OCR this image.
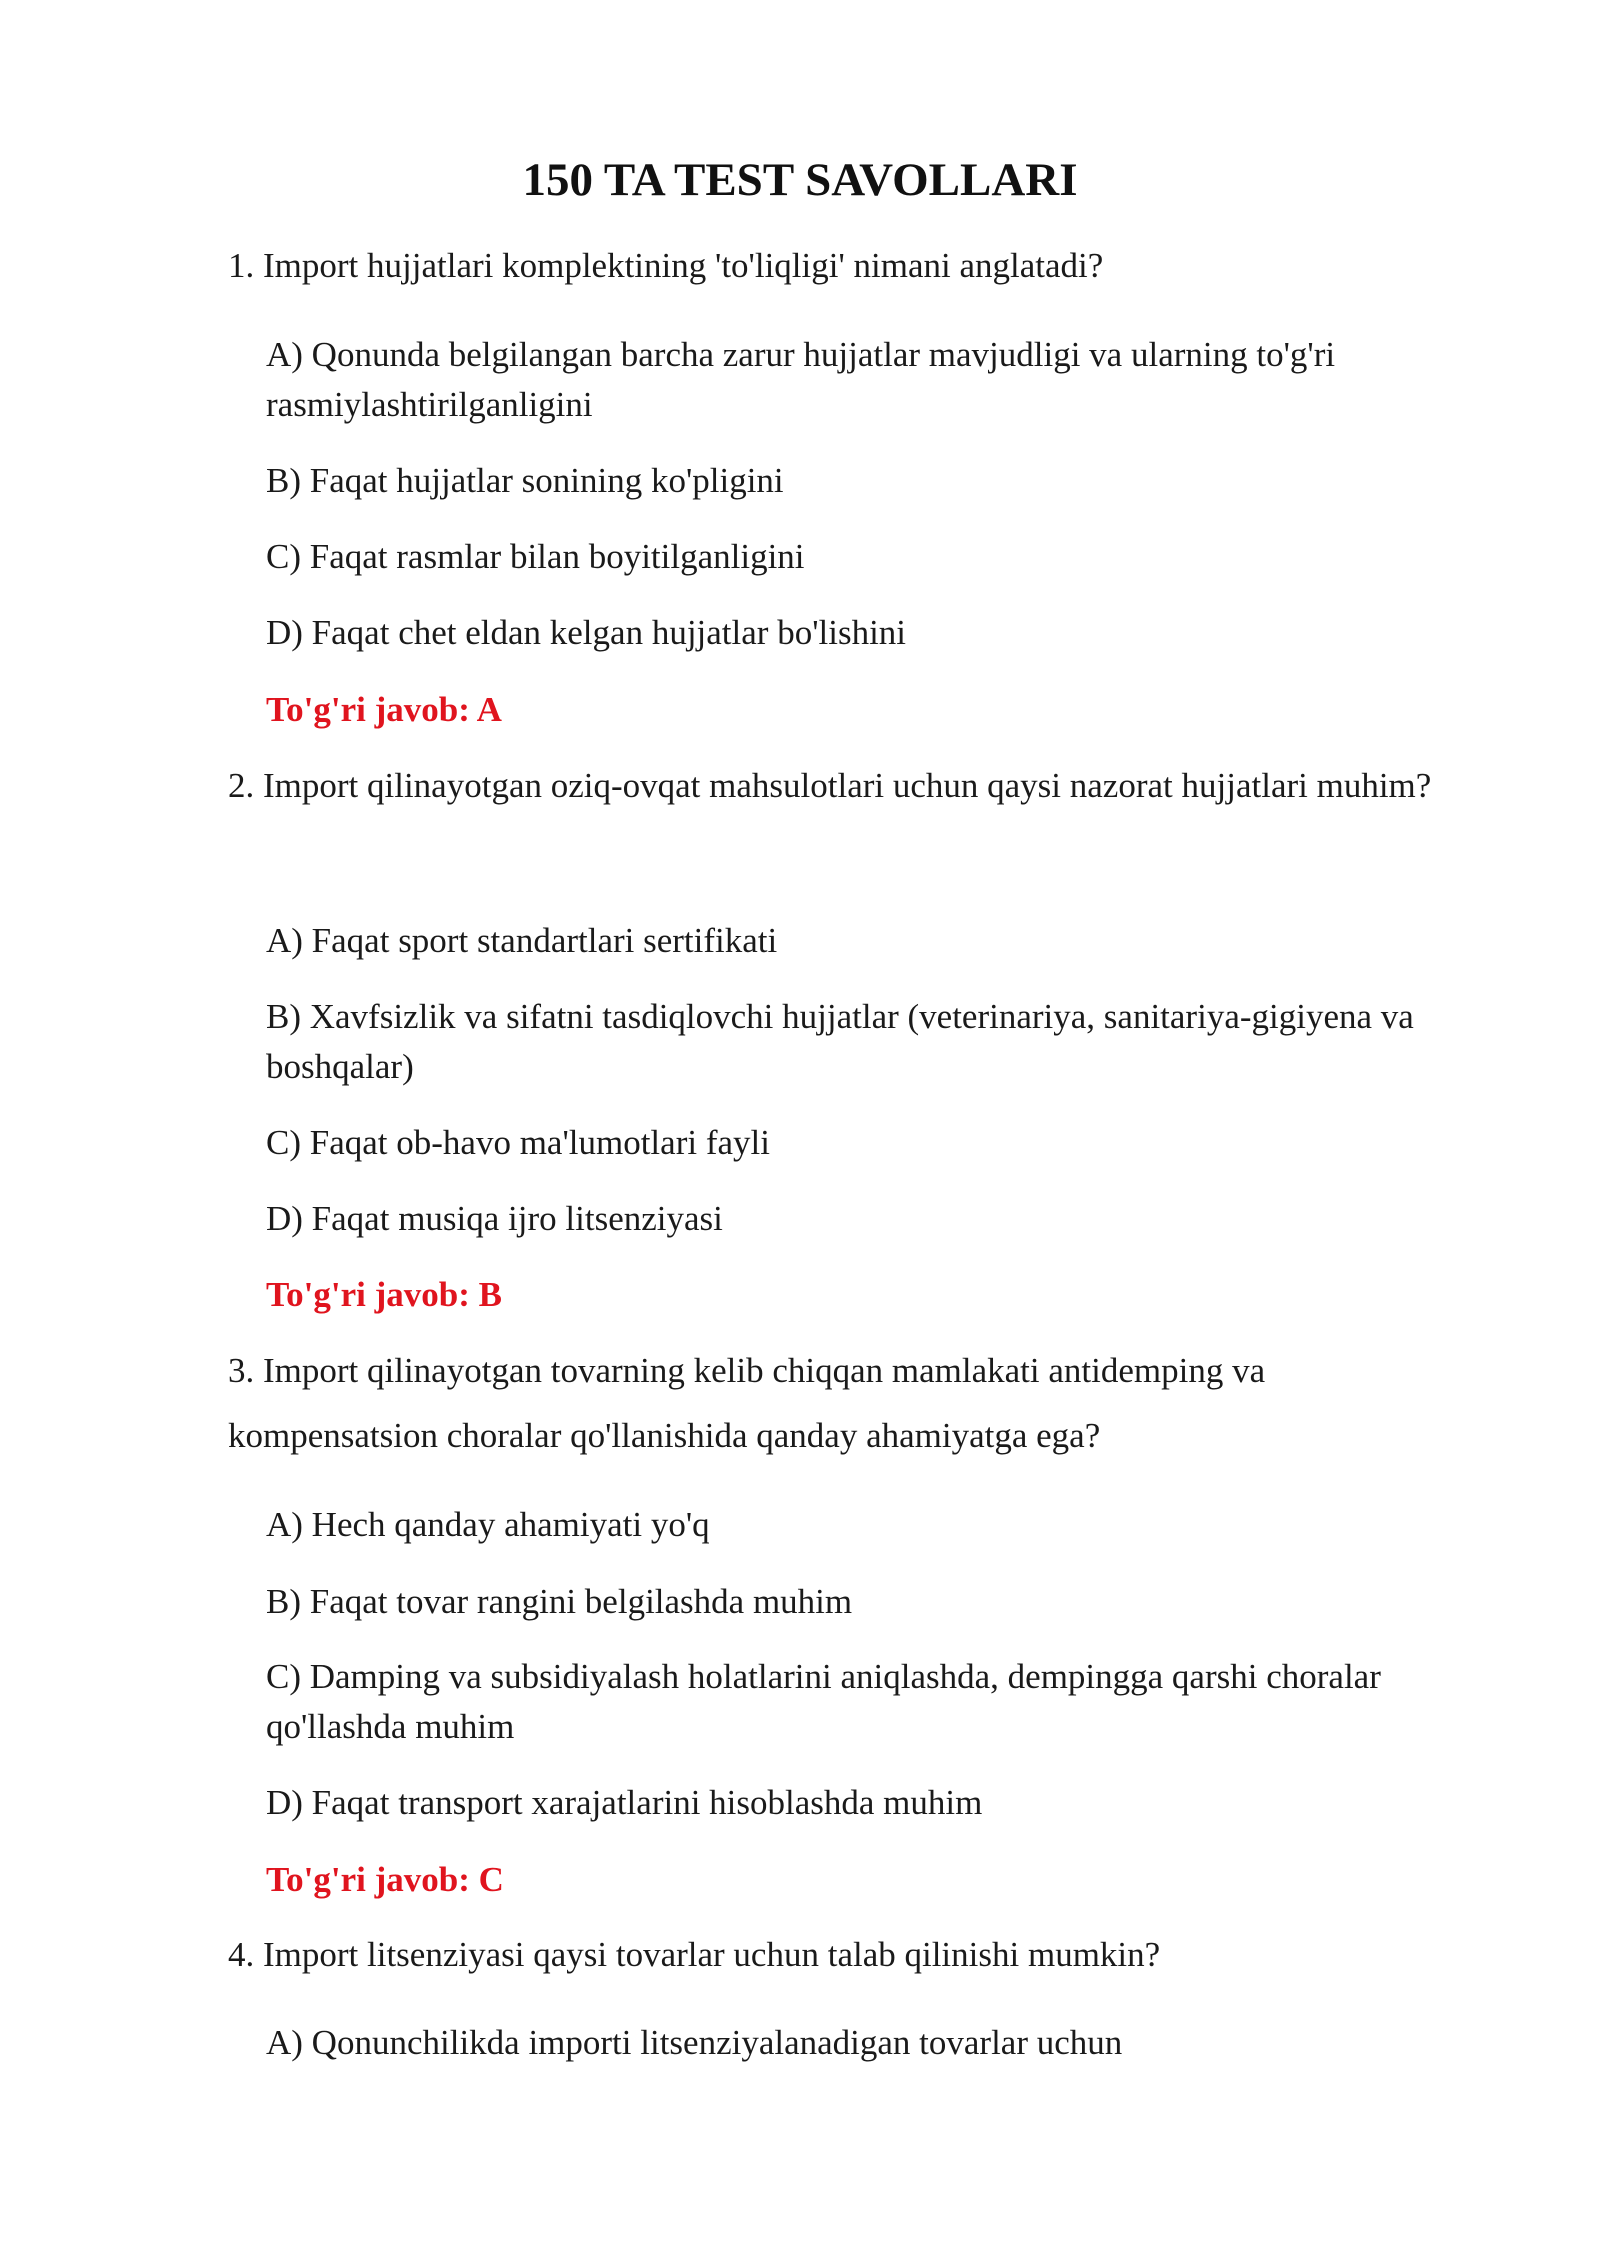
150 TA TEST SAVOLLARI

1. Import hujjatlari komplektining 'to'liqligi' nimani anglatadi?

A) Qonunda belgilangan barcha zarur hujjatlar mavjudligi va ularning to'g'ri rasmiylashtirilganligini

B) Faqat hujjatlar sonining ko'pligini

C) Faqat rasmlar bilan boyitilganligini

D) Faqat chet eldan kelgan hujjatlar bo'lishini

To'g'ri javob: A

2. Import qilinayotgan oziq-ovqat mahsulotlari uchun qaysi nazorat hujjatlari muhim?

A) Faqat sport standartlari sertifikati

B) Xavfsizlik va sifatni tasdiqlovchi hujjatlar (veterinariya, sanitariya-gigiyena va boshqalar)

C) Faqat ob-havo ma'lumotlari fayli

D) Faqat musiqa ijro litsenziyasi

To'g'ri javob: B

3. Import qilinayotgan tovarning kelib chiqqan mamlakati antidemping va kompensatsion choralar qo'llanishida qanday ahamiyatga ega?

A) Hech qanday ahamiyati yo'q

B) Faqat tovar rangini belgilashda muhim

C) Damping va subsidiyalash holatlarini aniqlashda, dempingga qarshi choralar qo'llashda muhim

D) Faqat transport xarajatlarini hisoblashda muhim

To'g'ri javob: C

4. Import litsenziyasi qaysi tovarlar uchun talab qilinishi mumkin?

A) Qonunchilikda importi litsenziyalanadigan tovarlar uchun
